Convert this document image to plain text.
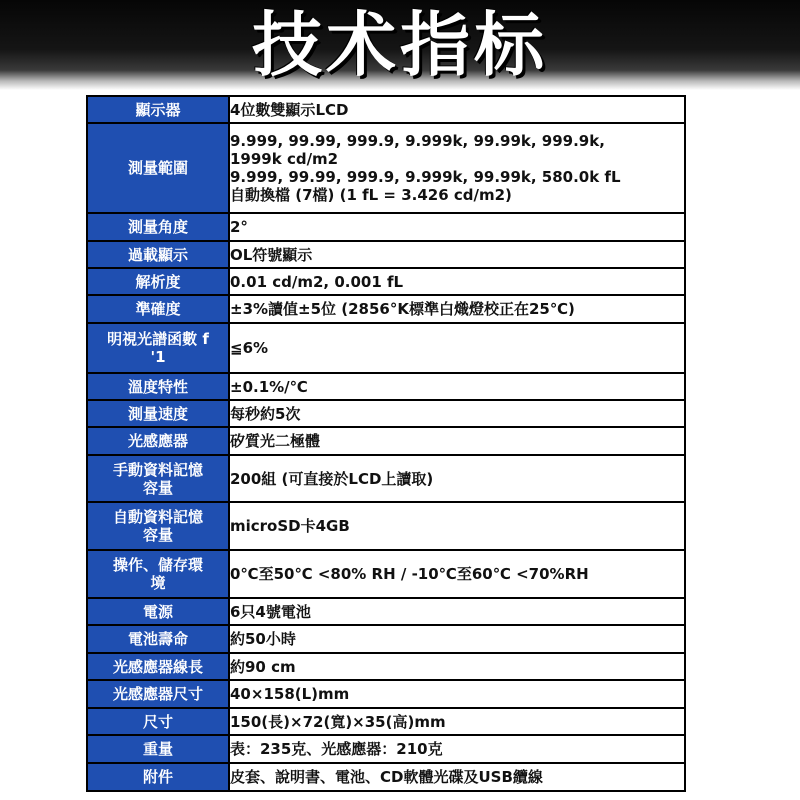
技术指标
顯示器	4位數雙顯示LCD
測量範圍	9.999, 99.99, 999.9, 9.999k, 99.99k, 999.9k,
1999k cd/m2
9.999, 99.99, 999.9, 9.999k, 99.99k, 580.0k fL
自動換檔 (7檔) (1 fL = 3.426 cd/m2)
測量角度	2°
過載顯示	OL符號顯示
解析度	0.01 cd/m2, 0.001 fL
準確度	±3%讀值±5位 (2856°K標準白熾燈校正在25℃)
明視光譜函數 f
'1	≦6%
溫度特性	±0.1%/℃
測量速度	每秒約5次
光感應器	矽質光二極體
手動資料記憶
容量	200組 (可直接於LCD上讀取)
自動資料記憶
容量	microSD卡4GB
操作、儲存環
境	0℃至50℃ <80% RH / -10℃至60℃ <70%RH
電源	6只4號電池
電池壽命	約50小時
光感應器線長	約90 cm
光感應器尺寸	40×158(L)mm
尺寸	150(長)×72(寬)×35(高)mm
重量	表：235克、光感應器：210克
附件	皮套、說明書、電池、CD軟體光碟及USB纜線
